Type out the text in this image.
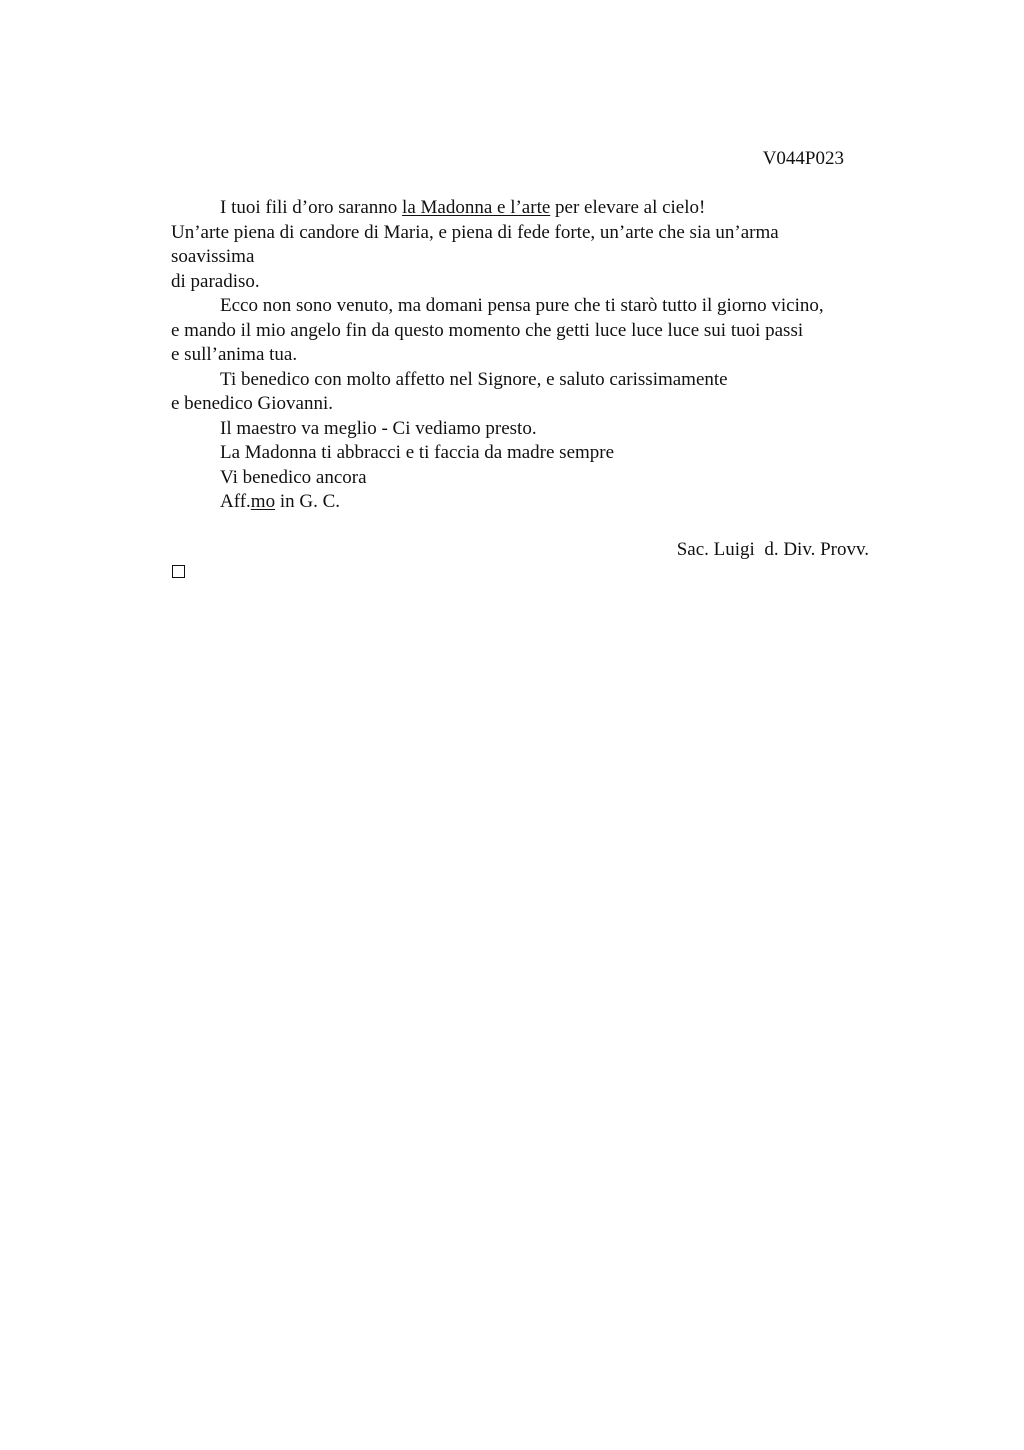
V044P023
I tuoi fili d’oro saranno la Madonna e l’arte per elevare al cielo!
Un’arte piena di candore di Maria, e piena di fede forte, un’arte che sia un’arma
soavissima
di paradiso.
Ecco non sono venuto, ma domani pensa pure che ti starò tutto il giorno vicino,
e mando il mio angelo fin da questo momento che getti luce luce luce sui tuoi passi
e sull’anima tua.
Ti benedico con molto affetto nel Signore, e saluto carissimamente
e benedico Giovanni.
Il maestro va meglio - Ci vediamo presto.
La Madonna ti abbracci e ti faccia da madre sempre
Vi benedico ancora
Aff.mo in G. C.
Sac. Luigi  d. Div. Provv.
